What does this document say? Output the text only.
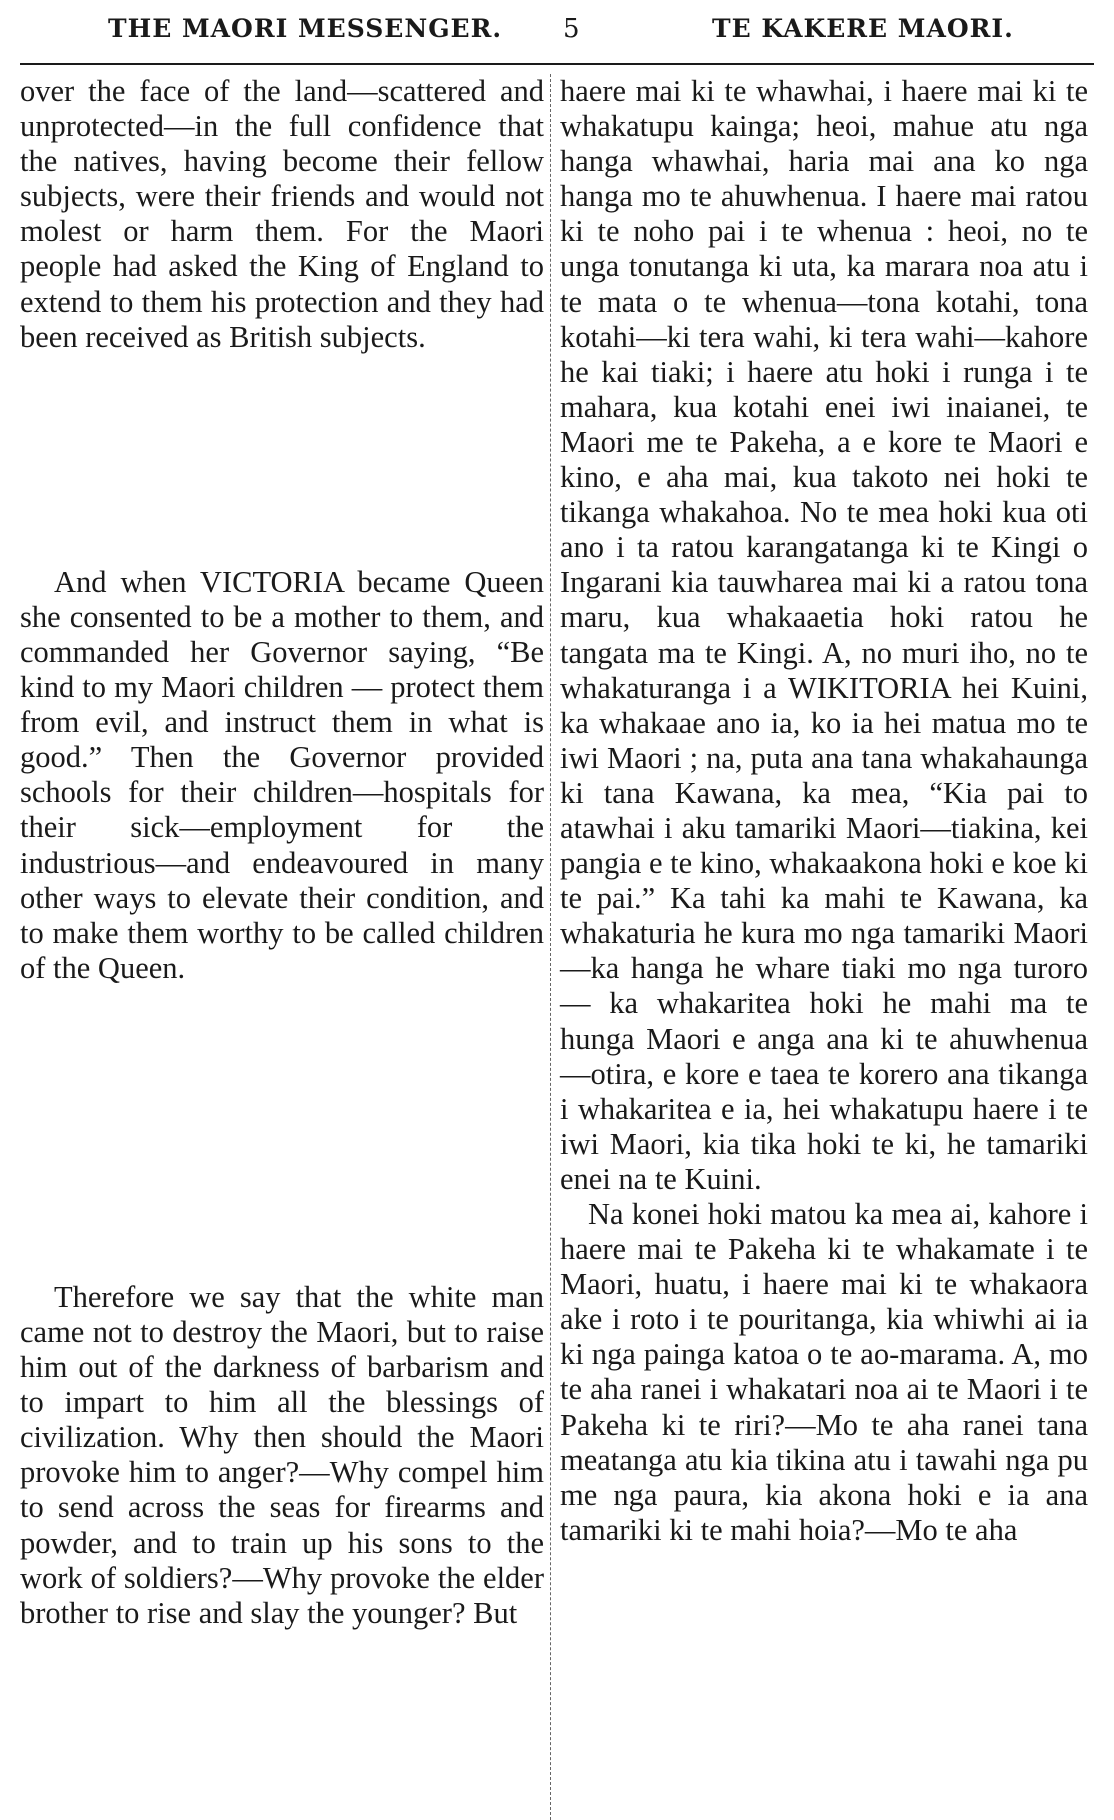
THE MAORI MESSENGER. 5	TE KAKERE MAORI.

over the face of the land—scattered and unprotected—in the full confidence that the natives, having become their fellow subjects, were their friends and would not molest or harm them. For the Maori people had asked the King of England to extend to them his protection and they had been received as British subjects.

And when VICTORIA became Queen she consented to be a mother to them, and commanded her Governor saying, “Be kind to my Maori children — protect them from evil, and instruct them in what is good.” Then the Governor provided schools for their children—hospitals for their sick—employment for the industrious—and endeavoured in many other ways to elevate their condition, and to make them worthy to be called children of the Queen.

Therefore we say that the white man came not to destroy the Maori, but to raise him out of the darkness of barbarism and to impart to him all the blessings of civilization. Why then should the Maori provoke him to anger?—Why compel him to send across the seas for firearms and powder, and to train up his sons to the work of soldiers?—Why provoke the elder brother to rise and slay the younger? But

haere mai ki te whawhai, i haere mai ki te whakatupu kainga; heoi, mahue atu nga hanga whawhai, haria mai ana ko nga hanga mo te ahuwhenua. I haere mai ratou ki te noho pai i te whenua : heoi, no te unga tonutanga ki uta, ka marara noa atu i te mata o te whenua—tona kotahi, tona kotahi—ki tera wahi, ki tera wahi—kahore he kai tiaki; i haere atu hoki i runga i te mahara, kua kotahi enei iwi inaianei, te Maori me te Pakeha, a e kore te Maori e kino, e aha mai, kua takoto nei hoki te tikanga whakahoa. No te mea hoki kua oti ano i ta ratou karangatanga ki te Kingi o Ingarani kia tauwharea mai ki a ratou tona maru, kua whakaaetia hoki ratou he tangata ma te Kingi. A, no muri iho, no te whakaturanga i a WIKITORIA hei Kuini, ka whakaae ano ia, ko ia hei matua mo te iwi Maori ; na, puta ana tana whakahaunga ki tana Kawana, ka mea, “Kia pai to atawhai i aku tamariki Maori—tiakina, kei pangia e te kino, whakaakona hoki e koe ki te pai.” Ka tahi ka mahi te Kawana, ka whakaturia he kura mo nga tamariki Maori—ka hanga he whare tiaki mo nga turoro — ka whakaritea hoki he mahi ma te hunga Maori e anga ana ki te ahuwhenua—otira, e kore e taea te korero ana tikanga i whakaritea e ia, hei whakatupu haere i te iwi Maori, kia tika hoki te ki, he tamariki enei na te Kuini.

Na konei hoki matou ka mea ai, kahore i haere mai te Pakeha ki te whakamate i te Maori, huatu, i haere mai ki te whakaora ake i roto i te pouritanga, kia whiwhi ai ia ki nga painga katoa o te ao-marama. A, mo te aha ranei i whakatari noa ai te Maori i te Pakeha ki te riri?—Mo te aha ranei tana meatanga atu kia tikina atu i tawahi nga pu me nga paura, kia akona hoki e ia ana tamariki ki te mahi hoia?—Mo te aha
